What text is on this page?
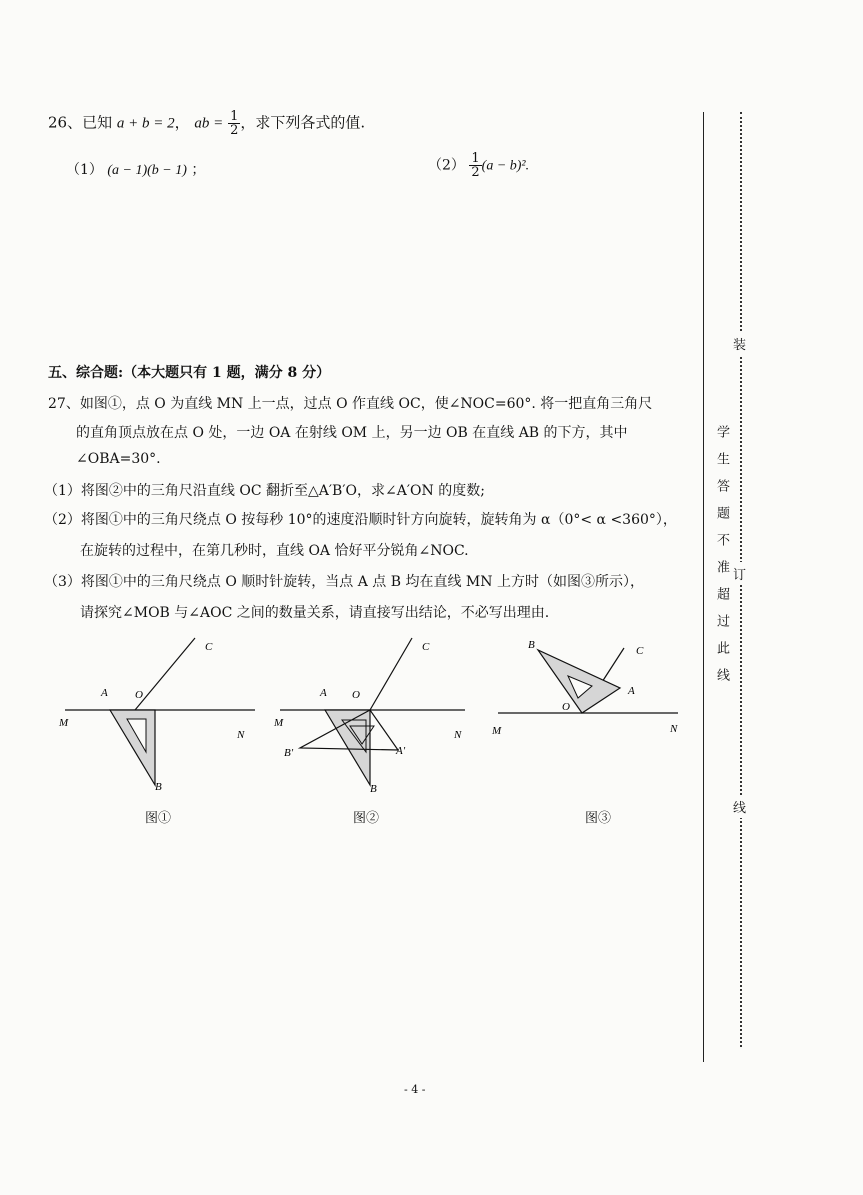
26、已知 a + b = 2， ab = $\frac{1}{2}$ ，求下列各式的值.
（1） (a − 1)(b − 1) ；	$(2) \frac{1}{2} (a - b)^2$.
五、综合题:（本大题只有 1 题，满分 8 分）
27、如图①，点 O 为直线 MN 上一点，过点 O 作直线 OC，使∠NOC=60°. 将一把直角三角尺
的直角顶点放在点 O 处，一边 OA 在射线 OM 上，另一边 OB 在直线 AB 的下方，其中
∠OBA=30°.
（1）将图②中的三角尺沿直线 OC 翻折至△A′B′O，求∠A′ON 的度数;
（2）将图①中的三角尺绕点 O 按每秒 10°的速度沿顺时针方向旋转，旋转角为 α（0°< α <360°），
在旋转的过程中，在第几秒时，直线 OA 恰好平分锐角∠NOC.
（3）将图①中的三角尺绕点 O 顺时针旋转，当点 A 点 B 均在直线 MN 上方时（如图③所示），
请探究∠MOB 与∠AOC 之间的数量关系，请直接写出结论，不必写出理由.
A O
C
M
N
B
图①
A O
C
M
N
B′	A′
B
图②
B	C
A
O
M	N
图③
装
订
线
学生答题不准超过此线
- 4 -
